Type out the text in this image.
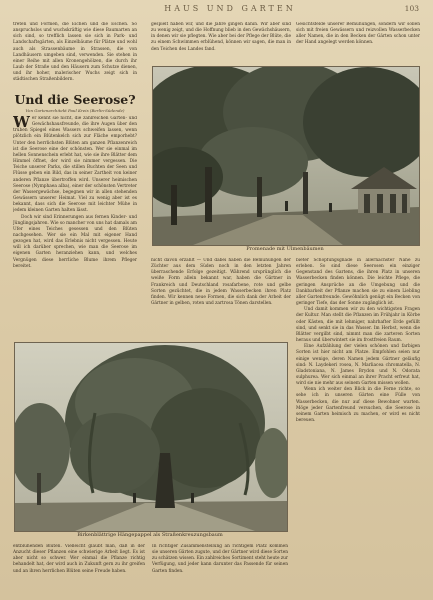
HAUS UND GARTEN	103

treten und Formen, die Eichen und die Eschen. So anspruchslos und wuchskräftig wie diese Baumarten an sich sind, so trefflich lassen sie sich in Park- und Landschaftsgärten, als Einzelbäume für Plätze und wohl auch als Strassenbäume in Strassen, die von Landhäusern umgeben sind, verwenden. Sie stehen in einer Reihe mit allen Kronengehölzen, die durch ihr Laub der Straße und den Häusern zum Schutze dienen, und ihr hoher, malerischer Wuchs zeigt sich in städtischen Straßenbildern.

Und die Seerose?
Von Gartenarchitekt Paul Kreis (Berlin-Südende)

Wer kennt sie nicht, die zahlreichen Garten- und Gewächshausfreunde, die ihre Augen über den trüben Spiegel eines Wassers schweifen lassen, wenn plötzlich ein Blütenkelch sich zur Fläche emporhebt? Unter den herrlichsten Blüten am ganzen Pflanzenreich ist die Seerose eine der schönsten. Wer sie einmal im hellen Sonnenschein erlebt hat, wie sie ihre Blätter dem Himmel öffnet, der wird sie nimmer vergessen. Die Teiche unserer Parks, die stillen Buchten der Seen und Flüsse geben ein Bild, das in seiner Zartheit von keiner anderen Pflanze übertroffen wird. Unserer heimischen Seerose (Nymphaea alba), einer der schönsten Vertreter der Wassergewächse, begegnen wir in allen stehenden Gewässern unserer Heimat. Viel zu wenig aber ist es bekannt, dass sich die Seerose mit leichter Mühe in jedem kleinen Garten halten lässt.

Doch wir sind Erinnerungen aus fernen Kinder- und Jünglingsjahren. Wie so mancher von uns hat damals am Ufer eines Teiches gesessen und den Blüten nachgesehen. Wer sie ein Mal mit eigener Hand gezogen hat, wird das Erlebnis nicht vergessen. Heute will ich darüber sprechen, wie man die Seerose im eigenen Garten heranziehen kann, und welches Vergnügen diese herrliche Blume ihrem Pfleger bereitet.

gespielt haben wir, und die Jahre gingen dahin. Wir aber sind zu wenig zeigt, und die Hoffnung blieb in den Gewächshäusern, in denen wir sie pflegten. Wie aber bei der Pflege der Blüte, die zu einem Schwimmen erblühend, können wir sagen, die man in den Teichen des Landes fand.

Gesichtsfelde unserer Bemühungen, sondern wir sollen sich mit freien Gewässern und reizvollen Wasserbecken aller Namen, die in den Becken der Gärten schon unter der Hand angelegt werden können.

Promenade mit Ulmenbäumen

nicht davon erzählt — Und dabei haben die Bemühungen der Züchter aus dem Süden noch in den letzten Jahren überraschende Erfolge gezeitigt. Während ursprünglich die weiße Form allein bekannt war, haben die Gärtner in Frankreich und Deutschland rosafarbene, rote und gelbe Sorten gezüchtet, die in jedem Wasserbecken ihren Platz finden. Wir kennen neue Formen, die sich dank der Arbeit der Gärtner in gelben, roten und zartrosa Tönen darstellen.

bieter Schöpfungsgnade in allernächster Nähe zu erleben. So sind diese Seerosen ein einziger Gegenstand des Gartens, die ihren Platz in unseren Wasserbecken finden können. Die leichte Pflege, die geringen Ansprüche an die Umgebung und die Dankbarkeit der Pflanze machen sie zu einem Liebling aller Gartenfreunde. Gewöhnlich genügt ein Becken von geringer Tiefe, das der Sonne zugänglich ist.

Und damit kommen wir zu den wichtigsten Fragen der Kultur. Man stellt die Pflanzen im Frühjahr in Körbe oder Kästen, die mit lehmiger, nahrhafter Erde gefüllt sind, und senkt sie in das Wasser. Im Herbst, wenn die Blätter vergilbt sind, nimmt man die zarteren Sorten heraus und überwintert sie im frostfreien Raum.

Eine Aufzählung der vielen schönen und farbigen Sorten ist hier nicht am Platze. Empfohlen seien nur einige wenige, deren Namen jedem Gärtner geläufig sind: N. Laydekeri rosea, N. Marliacea chromatella, N. Gladstoniana, N. James Brydon und N. Odorata sulphurea. Wer sich einmal an ihrer Pracht erfreut hat, wird sie nie mehr aus seinem Garten missen wollen.

Wenn ich weiter den Blick in die Ferne richte, so sehe ich in unseren Gärten eine Fülle von Wasserbecken, die nur auf diese Bewohner warten. Möge jeder Gartenfreund versuchen, die Seerose in seinem Garten heimisch zu machen, er wird es nicht bereuen.

Birkenblättrige Hängepappel als Straßenkreuzungsbaum

entblühenden Blüten. Vielleicht glaubt man, daß in der Anzucht dieser Pflanzen eine schwierige Arbeit liegt. Es ist aber nicht so schwer. Wer einmal die Pflanze richtig behandelt hat, der wird auch in Zukunft gern zu ihr greifen und an ihren herrlichen Blüten seine Freude haben.

In richtiger Zusammenstellung an richtigem Platz kommen sie unseren Gärten zugute, und der Gärtner wird diese Sorten zu schätzen wissen. Ein zahlreiches Sortiment steht heute zur Verfügung, und jeder kann darunter das Passende für seinen Garten finden.
